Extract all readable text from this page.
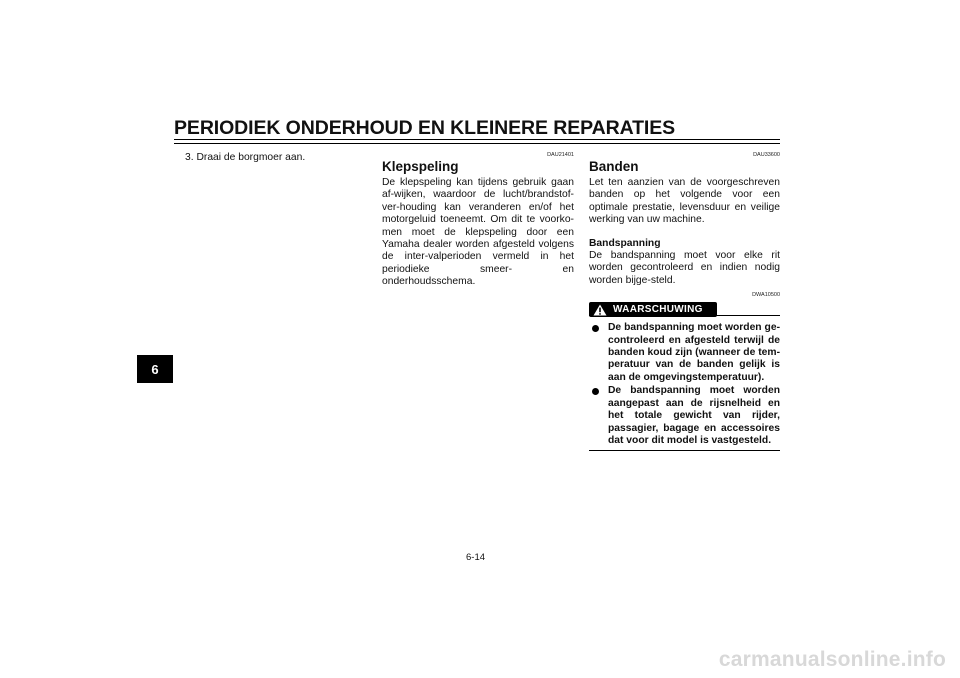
PERIODIEK ONDERHOUD EN KLEINERE REPARATIES
6

3. Draai de borgmoer aan.	DAU21401

Klepspeling

De klepspeling kan tijdens gebruik gaan af-wijken, waardoor de lucht/brandstof-ver-houding kan veranderen en/of het motorgeluid toeneemt. Om dit te voorko-men moet de klepspeling door een Yamaha dealer worden afgesteld volgens de inter-valperioden vermeld in het periodieke smeer- en onderhoudsschema.

DAU33600

Banden

Let ten aanzien van de voorgeschreven banden op het volgende voor een optimale prestatie, levensduur en veilige werking van uw machine.

Bandspanning

De bandspanning moet voor elke rit worden gecontroleerd en indien nodig worden bijge-steld.

DWA10500

WAARSCHUWING
De bandspanning moet worden ge-controleerd en afgesteld terwijl de banden koud zijn (wanneer de tem-peratuur van de banden gelijk is aan de omgevingstemperatuur).
De bandspanning moet worden aangepast aan de rijsnelheid en het totale gewicht van rijder, passagier, bagage en accessoires dat voor dit model is vastgesteld.

6-14

carmanualsonline.info
